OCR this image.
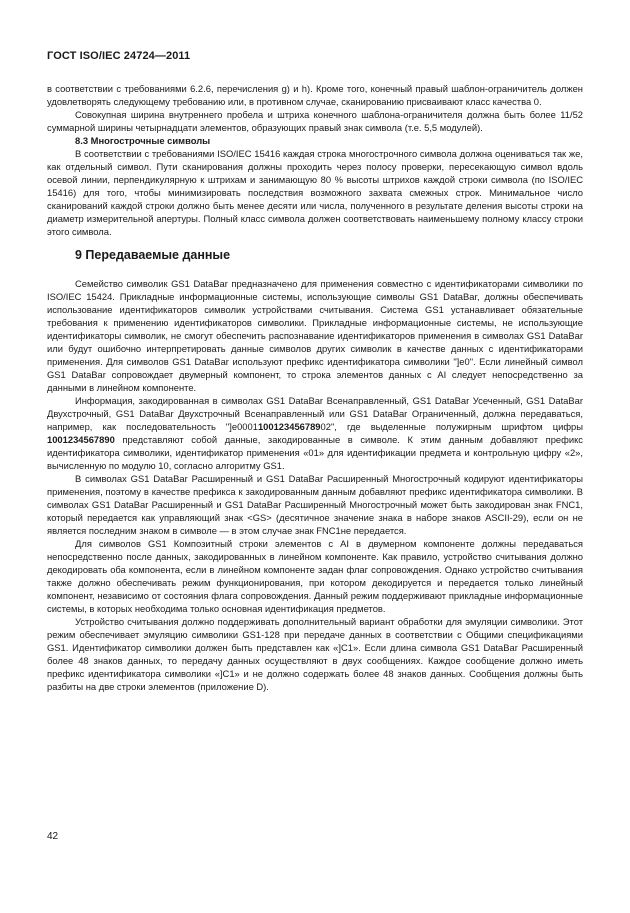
ГОСТ ISO/IEC 24724—2011

в соответствии с требованиями 6.2.6, перечисления g) и h). Кроме того, конечный правый шаблон-ограничитель должен удовлетворять следующему требованию или, в противном случае, сканированию присваивают класс качества 0.

Совокупная ширина внутреннего пробела и штриха конечного шаблона-ограничителя должна быть более 11/52 суммарной ширины четырнадцати элементов, образующих правый знак символа (т.е. 5,5 модулей).

8.3 Многострочные символы

В соответствии с требованиями ISO/IEC 15416 каждая строка многострочного символа должна оцениваться так же, как отдельный символ. Пути сканирования должны проходить через полосу проверки, пересекающую символ вдоль осевой линии, перпендикулярную к штрихам и занимающую 80 % высоты штрихов каждой строки символа (по ISO/IEC 15416) для того, чтобы минимизировать последствия возможного захвата смежных строк. Минимальное число сканирований каждой строки должно быть менее десяти или числа, полученного в результате деления высоты строки на диаметр измерительной апертуры. Полный класс символа должен соответствовать наименьшему полному классу строки этого символа.

9 Передаваемые данные

Семейство символик GS1 DataBar предназначено для применения совместно с идентификаторами символики по ISO/IEC 15424. Прикладные информационные системы, использующие символы GS1 DataBar, должны обеспечивать использование идентификаторов символик устройствами считывания. Система GS1 устанавливает обязательные требования к применению идентификаторов символики. Прикладные информационные системы, не использующие идентификаторы символик, не смогут обеспечить распознавание идентификаторов применения в символах GS1 DataBar или будут ошибочно интерпретировать данные символов других символик в качестве данных с идентификаторами применения. Для символов GS1 DataBar используют префикс идентификатора символики "]e0". Если линейный символ GS1 DataBar сопровождает двумерный компонент, то строка элементов данных с AI следует непосредственно за данными в линейном компоненте.

Информация, закодированная в символах GS1 DataBar Всенаправленный, GS1 DataBar Усеченный, GS1 DataBar Двухстрочный, GS1 DataBar Двухстрочный Всенаправленный или GS1 DataBar Ограниченный, должна передаваться, например, как последовательность "]e000110012345678902", где выделенные полужирным шрифтом цифры 1001234567890 представляют собой данные, закодированные в символе. К этим данным добавляют префикс идентификатора символики, идентификатор применения «01» для идентификации предмета и контрольную цифру «2», вычисленную по модулю 10, согласно алгоритму GS1.

В символах GS1 DataBar Расширенный и GS1 DataBar Расширенный Многострочный кодируют идентификаторы применения, поэтому в качестве префикса к закодированным данным добавляют префикс идентификатора символики. В символах GS1 DataBar Расширенный и GS1 DataBar Расширенный Многострочный может быть закодирован знак FNC1, который передается как управляющий знак <GS> (десятичное значение знака в наборе знаков ASCII-29), если он не является последним знаком в символе — в этом случае знак FNC1не передается.

Для символов GS1 Композитный строки элементов с AI в двумерном компоненте должны передаваться непосредственно после данных, закодированных в линейном компоненте. Как правило, устройство считывания должно декодировать оба компонента, если в линейном компоненте задан флаг сопровождения. Однако устройство считывания также должно обеспечивать режим функционирования, при котором декодируется и передается только линейный компонент, независимо от состояния флага сопровождения. Данный режим поддерживают прикладные информационные системы, в которых необходима только основная идентификация предметов.

Устройство считывания должно поддерживать дополнительный вариант обработки для эмуляции символики. Этот режим обеспечивает эмуляцию символики GS1-128 при передаче данных в соответствии с Общими спецификациями GS1. Идентификатор символики должен быть представлен как «]C1». Если длина символа GS1 DataBar Расширенный более 48 знаков данных, то передачу данных осуществляют в двух сообщениях. Каждое сообщение должно иметь префикс идентификатора символики «]C1» и не должно содержать более 48 знаков данных. Сообщения должны быть разбиты на две строки элементов (приложение D).

42
